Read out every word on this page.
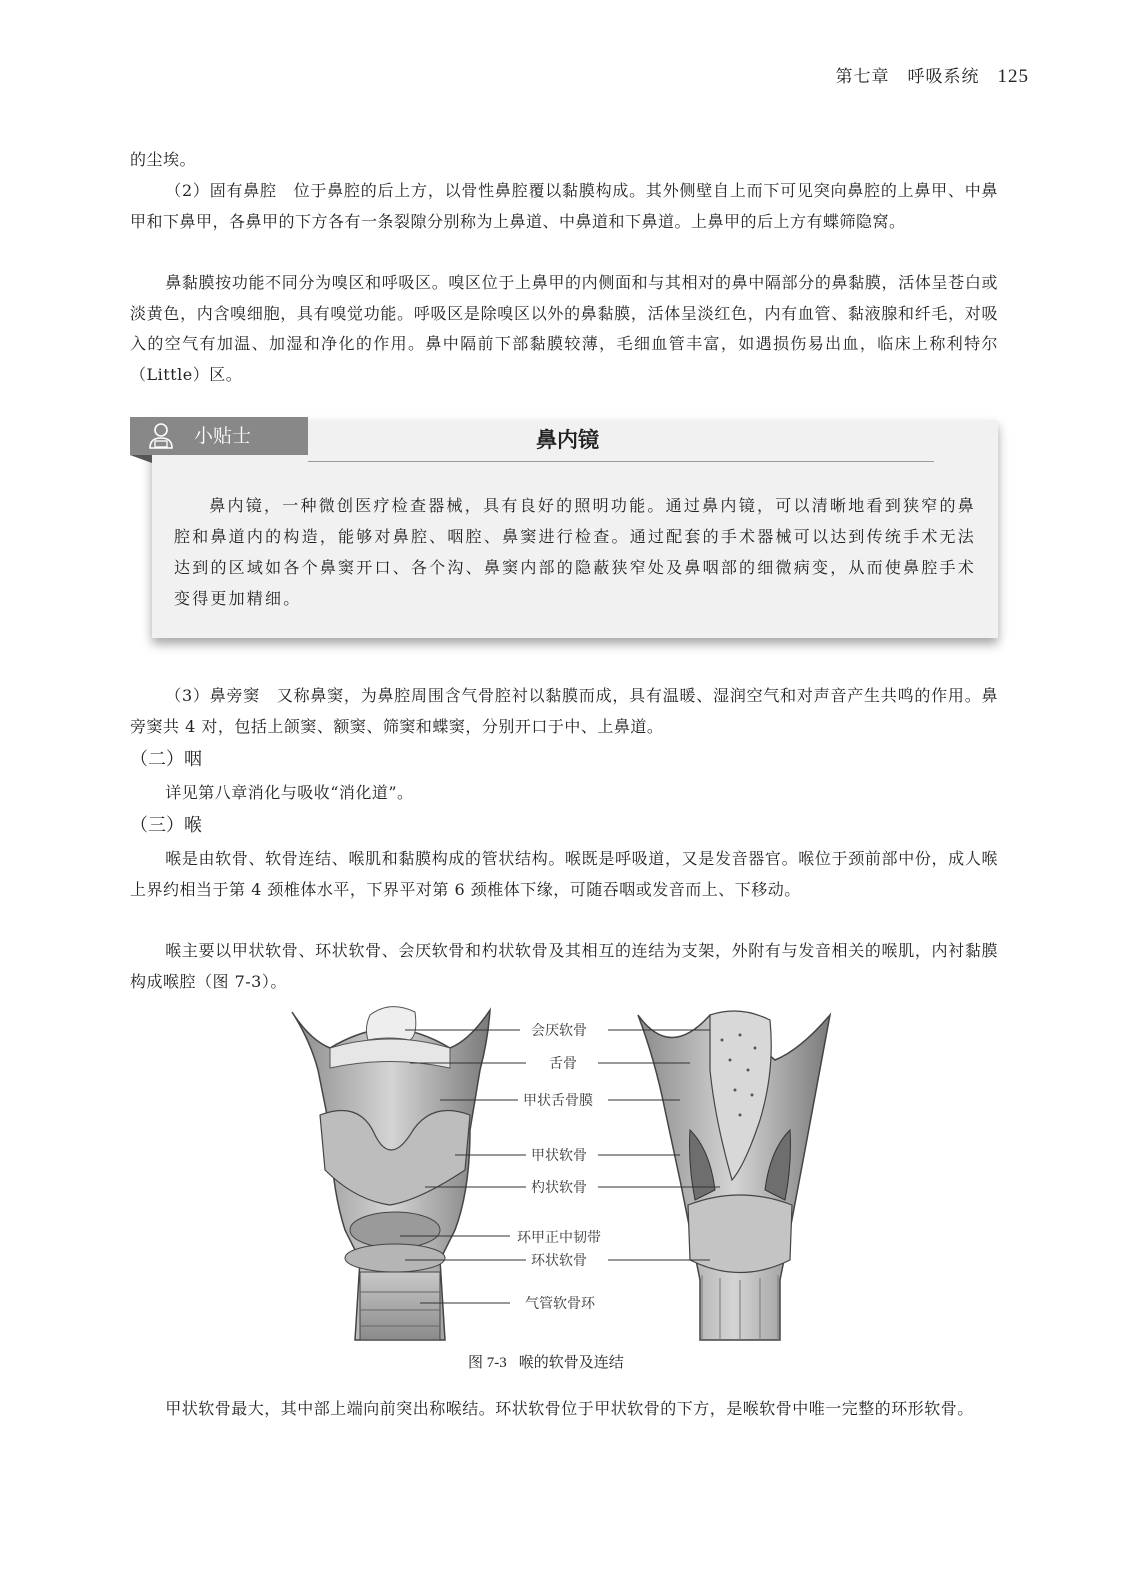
第七章　呼吸系统 125
的尘埃。
（2）固有鼻腔　位于鼻腔的后上方，以骨性鼻腔覆以黏膜构成。其外侧壁自上而下可见突向鼻腔的上鼻甲、中鼻甲和下鼻甲，各鼻甲的下方各有一条裂隙分别称为上鼻道、中鼻道和下鼻道。上鼻甲的后上方有蝶筛隐窝。
鼻黏膜按功能不同分为嗅区和呼吸区。嗅区位于上鼻甲的内侧面和与其相对的鼻中隔部分的鼻黏膜，活体呈苍白或淡黄色，内含嗅细胞，具有嗅觉功能。呼吸区是除嗅区以外的鼻黏膜，活体呈淡红色，内有血管、黏液腺和纤毛，对吸入的空气有加温、加湿和净化的作用。鼻中隔前下部黏膜较薄，毛细血管丰富，如遇损伤易出血，临床上称利特尔（Little）区。
小贴士	鼻内镜
鼻内镜，一种微创医疗检查器械，具有良好的照明功能。通过鼻内镜，可以清晰地看到狭窄的鼻腔和鼻道内的构造，能够对鼻腔、咽腔、鼻窦进行检查。通过配套的手术器械可以达到传统手术无法达到的区域如各个鼻窦开口、各个沟、鼻窦内部的隐蔽狭窄处及鼻咽部的细微病变，从而使鼻腔手术变得更加精细。
（3）鼻旁窦　又称鼻窦，为鼻腔周围含气骨腔衬以黏膜而成，具有温暖、湿润空气和对声音产生共鸣的作用。鼻旁窦共 4 对，包括上颌窦、额窦、筛窦和蝶窦，分别开口于中、上鼻道。
（二）咽
详见第八章消化与吸收“消化道”。
（三）喉
喉是由软骨、软骨连结、喉肌和黏膜构成的管状结构。喉既是呼吸道，又是发音器官。喉位于颈前部中份，成人喉上界约相当于第 4 颈椎体水平，下界平对第 6 颈椎体下缘，可随吞咽或发音而上、下移动。
喉主要以甲状软骨、环状软骨、会厌软骨和杓状软骨及其相互的连结为支架，外附有与发音相关的喉肌，内衬黏膜构成喉腔（图 7-3）。
会厌软骨
舌骨
甲状舌骨膜
甲状软骨
杓状软骨
环甲正中韧带
环状软骨
气管软骨环
图 7-3 喉的软骨及连结
甲状软骨最大，其中部上端向前突出称喉结。环状软骨位于甲状软骨的下方，是喉软骨中唯一完整的环形软骨。
